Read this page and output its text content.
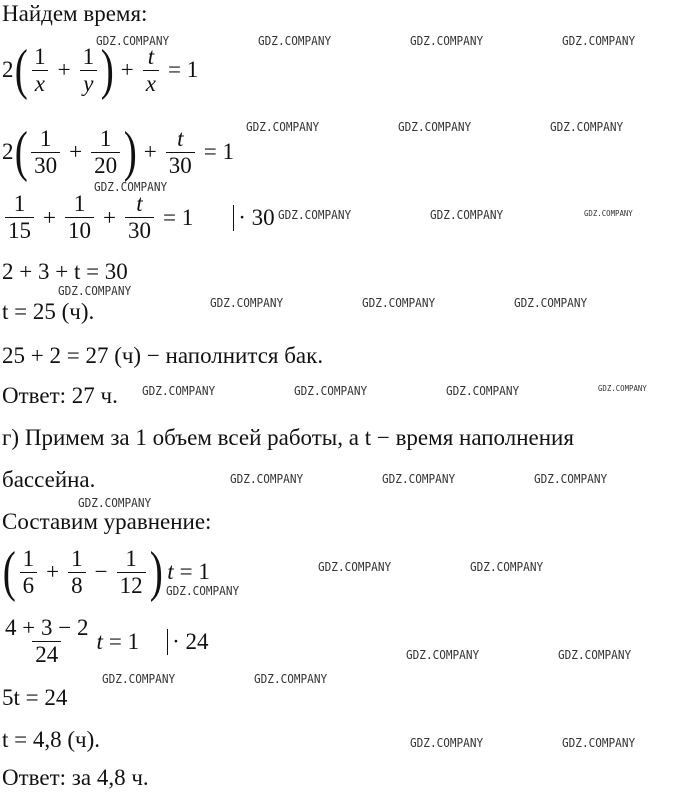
Найдем время:
2 ( $\frac{1}{x} + \frac{1}{y}$ ) + $\frac{t}{x} = 1$
2 ( $\frac{1}{30} + \frac{1}{20}$ ) + $\frac{t}{30} = 1$
$\frac{1}{15} + \frac{1}{10} + \frac{t}{30} = 1 \cdot 30$
2 + 3 + t = 30
t = 25 (ч).
25 + 2 = 27 (ч) − наполнится бак.
Ответ: 27 ч.
г) Примем за 1 объем всей работы, а t − время наполнения
бассейна.
Составим уравнение:
( $\frac{1}{6} + \frac{1}{8} - \frac{1}{12}$ ) t = 1
$\frac{4 + 3 - 2}{24}$ t = 1 · 24
5t = 24
t = 4,8 (ч).
Ответ: за 4,8 ч.
GDZ.COMPANY	GDZ.COMPANY	GDZ.COMPANY	GDZ.COMPANY
GDZ.COMPANY	GDZ.COMPANY	GDZ.COMPANY
GDZ.COMPANY
GDZ.COMPANY	GDZ.COMPANY	GDZ.COMPANY
GDZ.COMPANY
GDZ.COMPANY	GDZ.COMPANY	GDZ.COMPANY
GDZ.COMPANY	GDZ.COMPANY	GDZ.COMPANY	GDZ.COMPANY
GDZ.COMPANY	GDZ.COMPANY	GDZ.COMPANY
GDZ.COMPANY
GDZ.COMPANY	GDZ.COMPANY
GDZ.COMPANY
GDZ.COMPANY	GDZ.COMPANY
GDZ.COMPANY	GDZ.COMPANY
GDZ.COMPANY	GDZ.COMPANY
